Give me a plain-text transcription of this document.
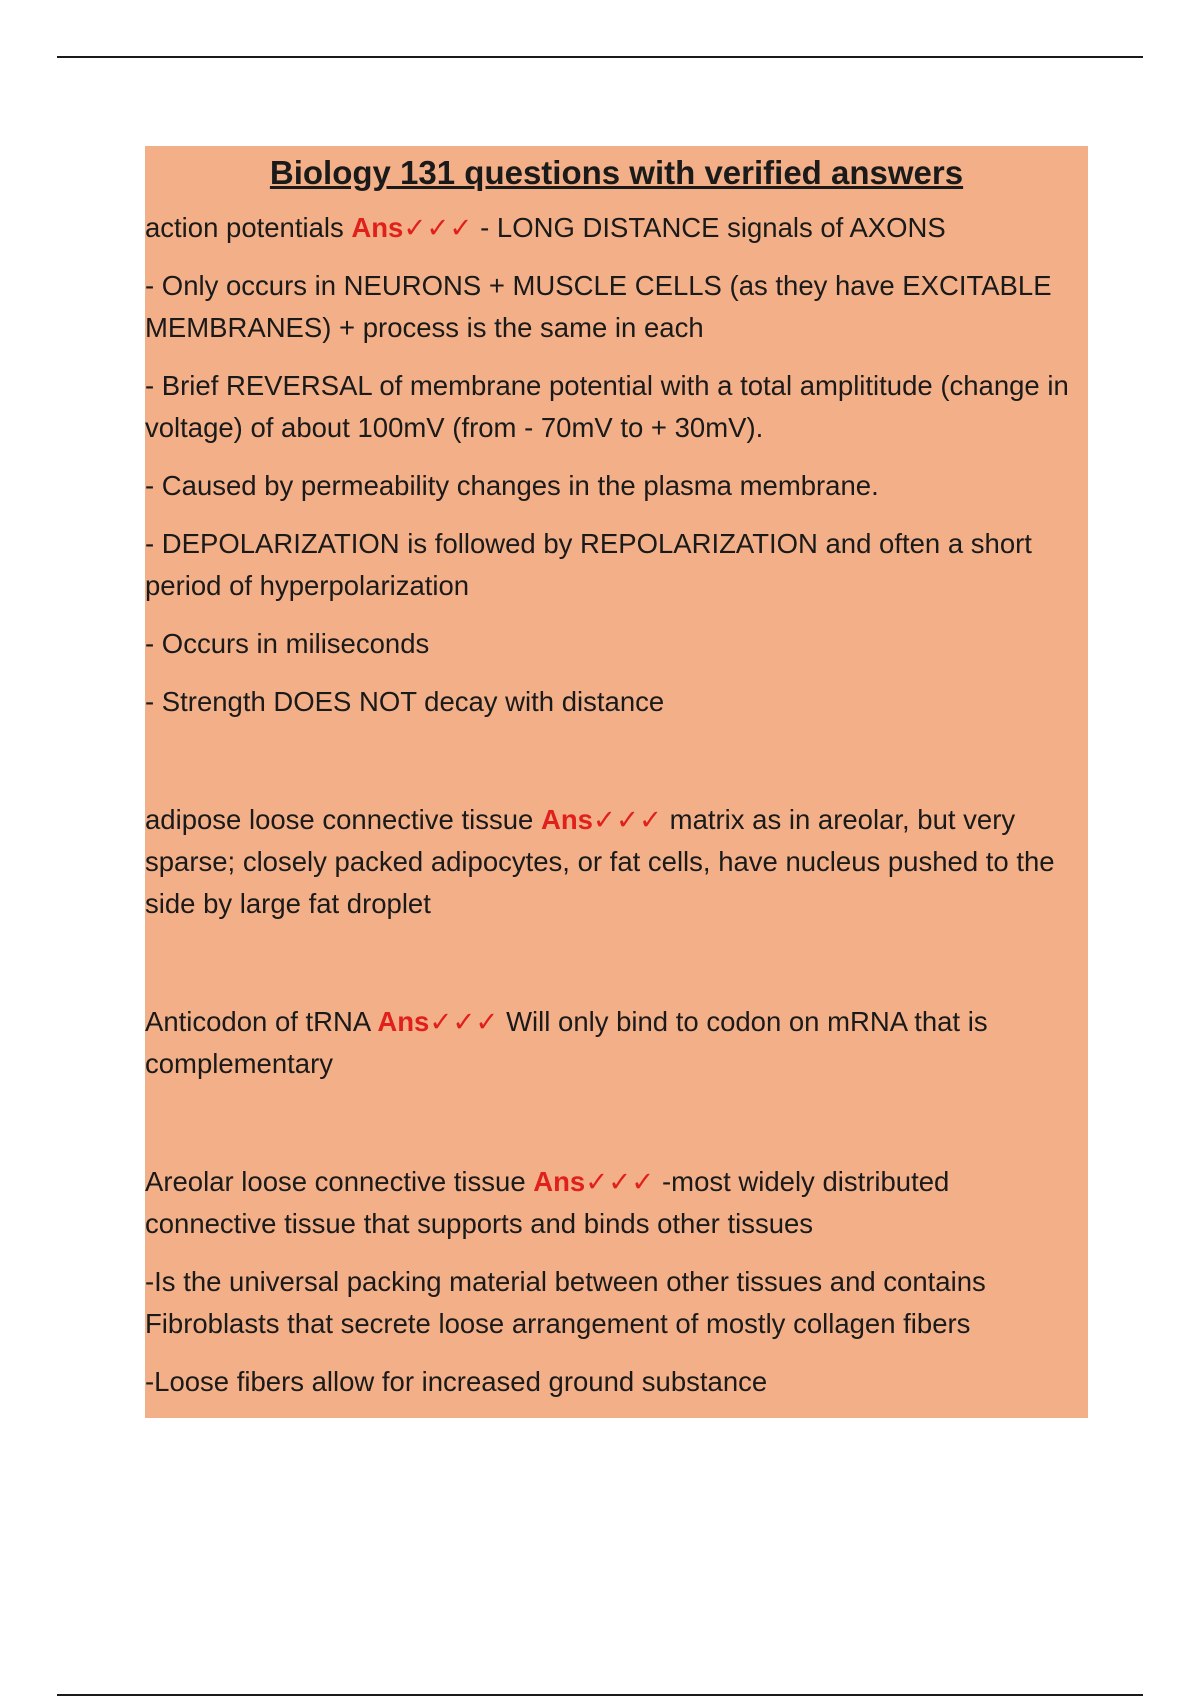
Biology 131 questions with verified answers

action potentials Ans✓✓✓ - LONG DISTANCE signals of AXONS

- Only occurs in NEURONS + MUSCLE CELLS (as they have EXCITABLE MEMBRANES) + process is the same in each

- Brief REVERSAL of membrane potential with a total amplititude (change in voltage) of about 100mV (from - 70mV to + 30mV).

- Caused by permeability changes in the plasma membrane.

- DEPOLARIZATION is followed by REPOLARIZATION and often a short period of hyperpolarization

- Occurs in miliseconds

- Strength DOES NOT decay with distance

adipose loose connective tissue Ans✓✓✓ matrix as in areolar, but very sparse; closely packed adipocytes, or fat cells, have nucleus pushed to the side by large fat droplet

Anticodon of tRNA Ans✓✓✓ Will only bind to codon on mRNA that is complementary

Areolar loose connective tissue Ans✓✓✓ -most widely distributed connective tissue that supports and binds other tissues

-Is the universal packing material between other tissues and contains Fibroblasts that secrete loose arrangement of mostly collagen fibers

-Loose fibers allow for increased ground substance
